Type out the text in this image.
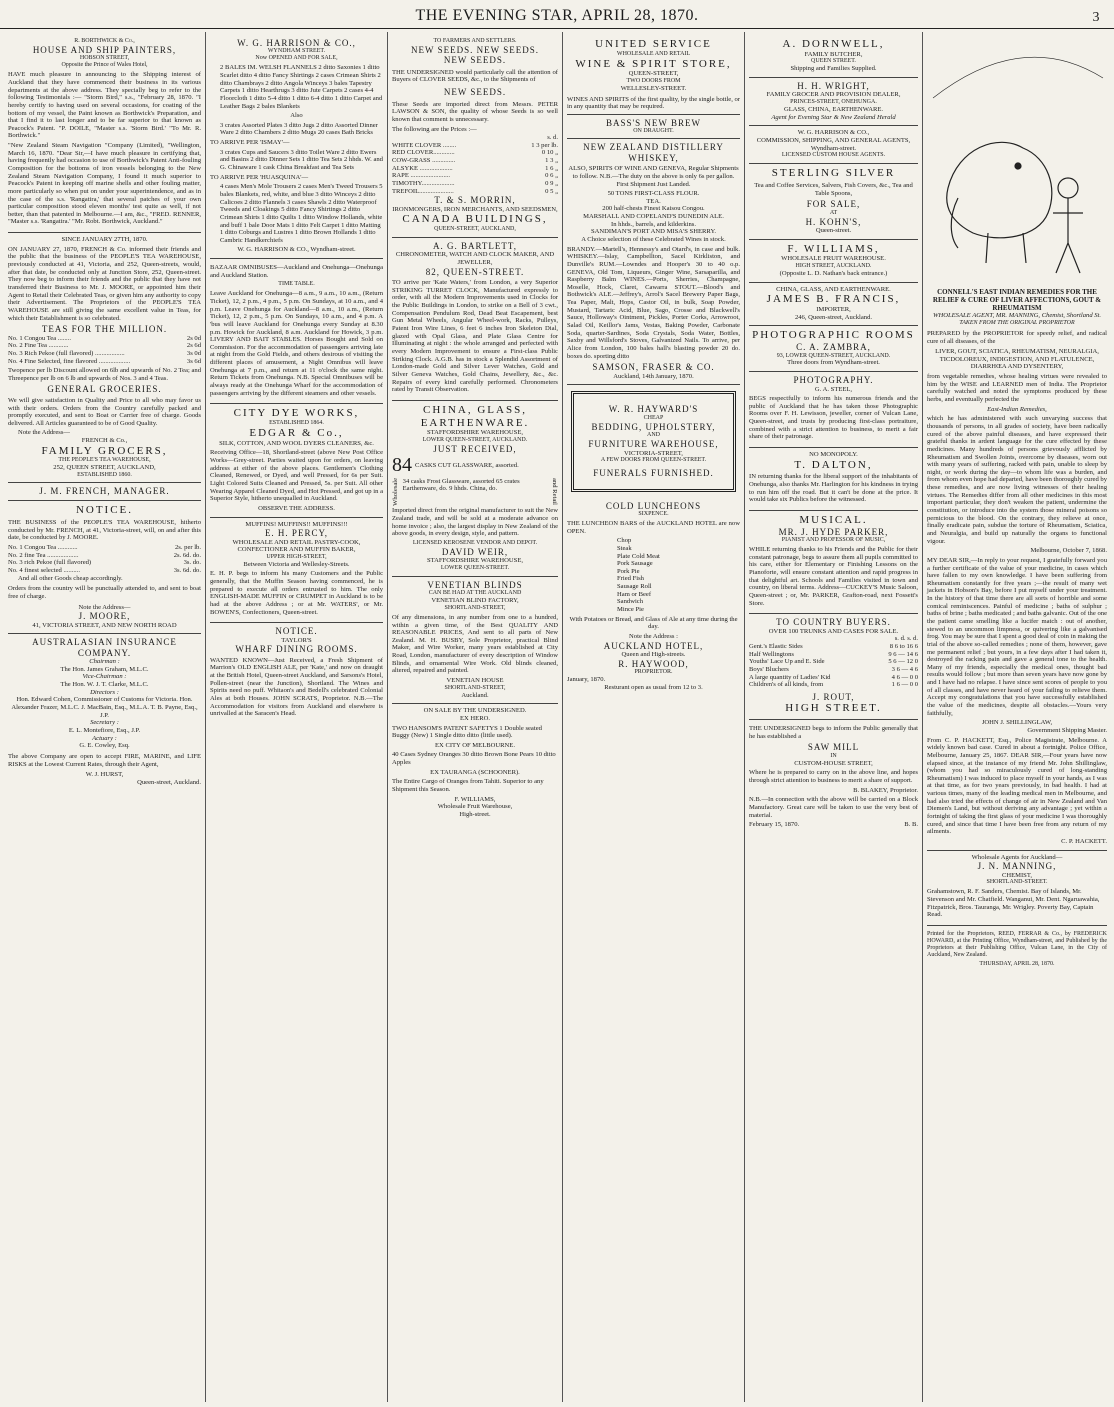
THE EVENING STAR, APRIL 28, 1870.	3
R. BORTHWICK & Co.,
HOUSE AND SHIP PAINTERS,
HOBSON STREET,
Opposite the Prince of Wales Hotel,

HAVE much pleasure in announcing to the Shipping interest of Auckland that they have commenced their business in its various departments at the above address. They specially beg to refer to the following Testimonials :— "Storm Bird," s.s., "February 28, 1870. "I hereby certify to having used on several occasions, for coating of the bottom of my vessel, the Paint known as Borthwick's Preparation, and that I find it to last longer and to be far superior to that known as Peacock's Patent. "P. DOILE, "Master s.s. 'Storm Bird.' "To Mr. R. Borthwick."

"New Zealand Steam Navigation "Company (Limited), "Wellington, March 16, 1870. "Dear Sir,—I have much pleasure in certifying that, having frequently had occasion to use of Borthwick's Patent Anti-fouling Composition for the bottoms of iron vessels belonging to the New Zealand Steam Navigation Company, I found it much superior to Peacock's Patent in keeping off marine shells and other fouling matter, more particularly so when put on under your superintendence, and as in the case of the s.s. 'Rangatira,' that several patches of your own particular composition stood eleven months' test quite as well, if not better, than that patented in Melbourne.—I am, &c., "FRED. RENNER, "Master s.s. 'Rangatira.' "Mr. Robt. Borthwick, Auckland."

SINCE JANUARY 27TH, 1870.

ON JANUARY 27, 1870, FRENCH & Co. informed their friends and the public that the business of the PEOPLE'S TEA WAREHOUSE, previously conducted at 41, Victoria, and 252, Queen-streets, would, after that date, be conducted only at Junction Store, 252, Queen-street. They now beg to inform their friends and the public that they have not transferred their Business to Mr. J. MOORE, or appointed him their Agent to Retail their Celebrated Teas, or given him any authority to copy their Advertisement. The Proprietors of the PEOPLE'S TEA WAREHOUSE are still giving the same excellent value in Teas, for which their Establishment is so celebrated.

TEAS FOR THE MILLION.
No. 1 Congou Tea ........	2s 0d
No. 2 Fine Tea ............	2s 6d
No. 3 Rich Pekoe (full flavored) ..................	3s 0d
No. 4 Fine Selected, fine flavored ...................	3s 6d

Twopence per lb Discount allowed on 6lb and upwards of No. 2 Tea; and Threepence per lb on 6 lb and upwards of Nos. 3 and 4 Teas.

GENERAL GROCERIES.

We will give satisfaction in Quality and Price to all who may favor us with their orders. Orders from the Country carefully packed and promptly executed, and sent to Boat or Carrier free of charge. Goods delivered. All Articles guaranteed to be of Good Quality.

Note the Address—
FRENCH & Co.,
FAMILY GROCERS,
THE PEOPLE'S TEA WAREHOUSE,
252, QUEEN STREET, AUCKLAND,
ESTABLISHED 1860.
J. M. FRENCH, MANAGER.
NOTICE.

THE BUSINESS of the PEOPLE'S TEA WAREHOUSE, hitherto conducted by Mr. FRENCH, at 41, Victoria-street, will, on and after this date, be conducted by J. MOORE.

No. 1 Congou Tea ............	2s. per lb.
No. 2 fine Tea ...................	2s. 6d. do.
No. 3 rich Pekoe (full flavored)	3s. do.
No. 4 finest selected ..........	3s. 6d. do.
And all other Goods cheap accordingly.

Orders from the country will be punctually attended to, and sent to boat free of charge.

Note the Address—
J. MOORE,
41, VICTORIA STREET, AND NEW NORTH ROAD
AUSTRALASIAN INSURANCE COMPANY.
Chairman :
The Hon. James Graham, M.L.C.
Vice-Chairman :
The Hon. W. J. T. Clarke, M.L.C.
Directors :
Hon. Edward Cohen, Commissioner of Customs for Victoria. Hon. Alexander Frazer, M.L.C. J. MacBain, Esq., M.L.A. T. B. Payne, Esq., J.P.
Secretary :
E. L. Montefiore, Esq., J.P.
Actuary :
G. E. Cowley, Esq.

The above Company are open to accept FIRE, MARINE, and LIFE RISKS at the Lowest Current Rates, through their Agent,

W. J. HURST,
Queen-street, Auckland.
W. G. HARRISON & CO.,
WYNDHAM STREET.
Now OPENED AND FOR SALE,

2 BALES IM. WELSH FLANNELS 2 ditto Saxonies 1 ditto Scarlet ditto 4 ditto Fancy Shirtings 2 cases Crimean Shirts 2 ditto Chambrays 2 ditto Angola Winceys 3 bales Tapestry Carpets 1 ditto Hearthrugs 3 ditto Jute Carpets 2 cases 4-4 Floorcloth 1 ditto 5-4 ditto 1 ditto 6-4 ditto 1 ditto Carpet and Leather Bags 2 bales Blankets

Also

3 crates Assorted Plates 3 ditto Jugs 2 ditto Assorted Dinner Ware 2 ditto Chambers 2 ditto Mugs 20 cases Bath Bricks

TO ARRIVE PER 'ISMAY'—

3 crates Cups and Saucers 3 ditto Toilet Ware 2 ditto Ewers and Basins 2 ditto Dinner Sets 1 ditto Tea Sets 2 hhds. W. and G. Chinaware 1 cask China Breakfast and Tea Sets

TO ARRIVE PER 'HUASQUINA'—

4 cases Men's Mole Trousers 2 cases Men's Tweed Trousers 5 bales Blankets, red, white, and blue 3 ditto Winceys 2 ditto Calicoes 2 ditto Flannels 3 cases Shawls 2 ditto Waterproof Tweeds and Cloakings 5 ditto Fancy Shirtings 2 ditto Crimean Shirts 1 ditto Quilts 1 ditto Window Hollands, white and buff 1 bale Door Mats 1 ditto Felt Carpet 1 ditto Matting 1 ditto Coburgs and Lustres 1 ditto Brown Hollands 1 ditto Cambric Handkerchiefs

W. G. HARRISON & CO., Wyndham-street.

BAZAAR OMNIBUSES—Auckland and Onehunga—Onehunga and Auckland Station.

TIME TABLE.

Leave Auckland for Onehunga—8 a.m., 9 a.m., 10 a.m., (Return Ticket), 12, 2 p.m., 4 p.m., 5 p.m. On Sundays, at 10 a.m., and 4 p.m. Leave Onehunga for Auckland—8 a.m., 10 a.m., (Return Ticket), 12, 2 p.m., 5 p.m. On Sundays, 10 a.m., and 4 p.m. A 'bus will leave Auckland for Onehunga every Sunday at 8.30 p.m. Howick for Auckland, 8 a.m. Auckland for Howick, 3 p.m. LIVERY AND BAIT STABLES. Horses Bought and Sold on Commission. For the accommodation of passengers arriving late at night from the Gold Fields, and others desirous of visiting the different places of amusement, a Night Omnibus will leave Onehunga at 7 p.m., and return at 11 o'clock the same night. Return Tickets from Onehunga. N.B. Special Omnibuses will be always ready at the Onehunga Wharf for the accommodation of passengers arriving by the different steamers and other vessels.

CITY DYE WORKS,
ESTABLISHED 1864.
EDGAR & Co.,
SILK, COTTON, AND WOOL DYERS CLEANERS, &c.

Receiving Office—18, Shortland-street (above New Post Office Works—Grey-street. Parties waited upon for orders, on leaving address at either of the above places. Gentlemen's Clothing Cleaned, Renewed, or Dyed, and well Pressed, for 6s per Suit. Light Colored Suits Cleaned and Pressed, 5s. per Suit. All other Wearing Apparel Cleaned Dyed, and Hot Pressed, and got up in a Superior Style, hitherto unequalled in Auckland.

OBSERVE THE ADDRESS.
MUFFINS! MUFFINS!! MUFFINS!!!
E. H. PERCY,
WHOLESALE AND RETAIL PASTRY-COOK,
CONFECTIONER AND MUFFIN BAKER,
UPPER HIGH-STREET,
Between Victoria and Wellesley-Streets.

E. H. P. begs to inform his many Customers and the Public generally, that the Muffin Season having commenced, he is prepared to execute all orders entrusted to him. The only ENGLISH-MADE MUFFIN or CRUMPET in Auckland is to be had at the above Address ; or at Mr. WATERS', or Mr. BOWEN'S, Confectioners, Queen-street.

NOTICE.
TAYLOR'S
WHARF DINING ROOMS.

WANTED KNOWN—Just Received, a Fresh Shipment of Marrion's OLD ENGLISH ALE, per 'Kate,' and now on draught at the British Hotel, Queen-street Auckland, and Sarsons's Hotel, Pollen-street (near the Junction), Shortland. The Wines and Spirits need no puff. Whitaon's and Bedell's celebrated Colonial Ales at both Houses. JOHN SCRATS, Proprietor. N.B.—The Accommodation for visitors from Auckland and elsewhere is unrivalled at the Saracen's Head.

TO FARMERS AND SETTLERS.
NEW SEEDS. NEW SEEDS.
NEW SEEDS.

THE UNDERSIGNED would particularly call the attention of Buyers of CLOVER SEEDS, &c., to the Shipments of

NEW SEEDS.

These Seeds are imported direct from Messrs. PETER LAWSON & SON, the quality of whose Seeds is so well known that comment is unnecessary.

The following are the Prices :—
s. d.
WHITE CLOVER ........	1 3 per lb.
RED CLOVER.............	0 10 „
COW-GRASS ..............	1 3 „
ALSYKE ....................	1 6 „
RAPE ........................	0 6 „
TIMOTHY....................	0 9 „
TREFOIL.....................	0 5 „
T. & S. MORRIN,
IRONMONGERS, IRON MERCHANTS, AND SEEDSMEN,
CANADA BUILDINGS,
QUEEN-STREET, AUCKLAND,
A. G. BARTLETT,
CHRONOMETER, WATCH AND CLOCK MAKER, AND JEWELLER,
82, QUEEN-STREET.

TO arrive per 'Kate Waters,' from London, a very Superior STRIKING TURRET CLOCK, Manufactured expressly to order, with all the Modern Improvements used in Clocks for the Public Buildings in London, to strike on a Bell of 3 cwt., Compensation Pendulum Rod, Dead Beat Escapement, best Gun Metal Wheels, Angular Wheel-work, Racks, Pulleys, Patent Iron Wire Lines, 6 feet 6 inches Iron Skeleton Dial, glazed with Opal Glass, and Plate Glass Centre for Illuminating at night : the whole arranged and perfected with every Modern Improvement to ensure a First-class Public Striking Clock. A.G.B. has in stock a Splendid Assortment of London-made Gold and Silver Lever Watches, Gold and Silver Geneva Watches, Gold Chains, Jewellery, &c., &c. Repairs of every kind carefully performed. Chronometers rated by Transit Observation.

CHINA, GLASS, EARTHENWARE.
STAFFORDSHIRE WAREHOUSE,
LOWER QUEEN-STREET, AUCKLAND.
JUST RECEIVED,
84 CASKS CUT GLASSWARE, assorted.
Wholesale 34 casks Frost Glassware, assorted 65 crates Earthenware, do. 9 hhds. China, do.	and Retail

Imported direct from the original manufacturer to suit the New Zealand trade, and will be sold at a moderate advance on home invoice ; also, the largest display in New Zealand of the above goods, in every design, style, and pattern.

LICENSED KEROSENE VENDOR AND DEPOT.
DAVID WEIR,
STAFFORDSHIRE WAREHOUSE,
LOWER QUEEN-STREET.
VENETIAN BLINDS
CAN BE HAD AT THE AUCKLAND
VENETIAN BLIND FACTORY,
SHORTLAND-STREET,

Of any dimensions, in any number from one to a hundred, within a given time, of the Best QUALITY AND REASONABLE PRICES, And sent to all parts of New Zealand. M. H. BUSBY, Sole Proprietor, practical Blind Maker, and Wire Worker, many years established at City Road, London, manufacturer of every description of Window Blinds, and ornamental Wire Work. Old blinds cleaned, altered, repaired and painted.

VENETIAN HOUSE
SHORTLAND-STREET,
Auckland.
ON SALE BY THE UNDERSIGNED.
EX HERO.

TWO HANSOM'S PATENT SAFETYS 1 Double seated Buggy (New) 1 Single ditto ditto (little used).

EX CITY OF MELBOURNE.

40 Cases Sydney Oranges 30 ditto Brown Bone Pears 10 ditto Apples

EX TAURANGA (SCHOONER).

The Entire Cargo of Oranges from Tahiti. Superior to any Shipment this Season.

F. WILLIAMS,
Wholesale Fruit Warehouse,
High-street.
UNITED SERVICE
WHOLESALE AND RETAIL
WINE & SPIRIT STORE,
QUEEN-STREET,
TWO DOORS FROM
WELLESLEY-STREET.

WINES AND SPIRITS of the first quality, by the single bottle, or in any quantity that may be required.

BASS'S NEW BREW
ON DRAUGHT.
NEW ZEALAND DISTILLERY WHISKEY,

ALSO, SPIRITS OF WINE AND GENEVA, Regular Shipments to follow. N.B.—The duty on the above is only 6s per gallon. First Shipment Just Landed.

50 TONS FIRST-CLASS FLOUR.
TEA.
200 half-chests Finest Kaisou Congou.
MARSHALL AND COPELAND'S DUNEDIN ALE.
In hhds., barrels, and kilderkins.
SANDIMAN'S PORT AND MISA'S SHERRY.
A Choice selection of these Celebrated Wines in stock.

BRANDY.—Martell's, Hennessy's and Otard's, in case and bulk. WHISKEY.—Islay, Campbellton, Sacel Kirkliston, and Dunville's RUM.—Lowndes and Hooper's 30 to 40 o.p. GENEVA, Old Tom, Liqueurs, Ginger Wine, Sarsaparilla, and Raspberry Balm WINES.—Ports, Sherries, Champagne, Moselle, Hock, Claret, Cawarra STOUT.—Blood's and Bothwick's ALE.—Jeffrey's, Arrol's Sacel Brewery Paper Bags, Tea Paper, Malt, Hops, Castor Oil, in bulk, Soap Powder, Mustard, Tartaric Acid, Blue, Sago, Crosse and Blackwell's Sauce, Holloway's Ointment, Pickles, Porter Corks, Arrowroot, Salad Oil, Keillor's Jams, Vestas, Baking Powder, Carbonate Soda, quarter-Sardines, Soda Crystals, Soda Water, Bottles, Saxby and Willsford's Stoves, Galvanized Nails. To arrive, per Alice from London, 100 bales hall's blasting powder 20 do. boxes do. sporting ditto

SAMSON, FRASER & CO.
Auckland, 14th January, 1870.
W. R. HAYWARD'S
CHEAP
BEDDING, UPHOLSTERY,
AND
FURNITURE WAREHOUSE,
VICTORIA-STREET,
A FEW DOORS FROM QUEEN-STREET.
FUNERALS FURNISHED.
COLD LUNCHEONS
SIXPENCE.

THE LUNCHEON BARS of the AUCKLAND HOTEL are now OPEN.

Chop
Steak
Plate Cold Meat
Pork Sausage
Pork Pie
Fried Fish
Sausage Roll
Ham or Beef
Sandwich
Mince Pie

With Potatoes or Bread, and Glass of Ale at any time during the day.

Note the Address :
AUCKLAND HOTEL,
Queen and High-streets.
R. HAYWOOD,
PROPRIETOR.
January, 1870.
Resturant open as usual from 12 to 3.
A. DORNWELL,
FAMILY BUTCHER,
QUEEN STREET.
Shipping and Families Supplied.
H. H. WRIGHT,
FAMILY GROCER AND PROVISION DEALER,
PRINCES-STREET, ONEHUNGA.
GLASS, CHINA, EARTHENWARE.
Agent for Evening Star & New Zealand Herald
W. G. HARRISON & CO.,
COMMISSION, SHIPPING, AND GENERAL AGENTS,
Wyndham-street.
LICENSED CUSTOM HOUSE AGENTS.
STERLING SILVER

Tea and Coffee Services, Salvers, Fish Covers, &c., Tea and Table Spoons,

FOR SALE,
AT
H. KOHN'S,
Queen-street.
F. WILLIAMS,
WHOLESALE FRUIT WAREHOUSE.
HIGH STREET, AUCKLAND.
(Opposite L. D. Nathan's back entrance.)
CHINA, GLASS, AND EARTHENWARE.
JAMES B. FRANCIS,
IMPORTER,
246, Queen-street, Auckland.
PHOTOGRAPHIC ROOMS
C. A. ZAMBRA,
93, LOWER QUEEN-STREET, AUCKLAND.
Three doors from Wyndham-street.
PHOTOGRAPHY.
G. A. STEEL,

BEGS respectfully to inform his numerous friends and the public of Auckland that he has taken those Photographic Rooms over F. H. Lewisson, jeweller, corner of Vulcan Lane, Queen-street, and trusts by producing first-class portraiture, combined with a strict attention to business, to merit a fair share of their patronage.

NO MONOPOLY.
T. DALTON,

IN returning thanks for the liberal support of the inhabitants of Onehunga, also thanks Mr. Harlington for his kindness in trying to run him off the road. But it can't be done at the price. It would take six Publics before the witnessed.

MUSICAL.
MR. J. HYDE PARKER,
PIANIST AND PROFESSOR OF MUSIC,

WHILE returning thanks to his Friends and the Public for their constant patronage, begs to assure them all pupils committed to his care, either for Elementary or Finishing Lessons on the Pianoforte, will ensure constant attention and rapid progress in that delightful art. Schools and Families visited in town and country, on liberal terms. Address—CUCKEY'S Music Saloon, Queen-street ; or, Mr. PARKER, Grafton-road, next Fossett's Store.

TO COUNTRY BUYERS.
OVER 100 TRUNKS AND CASES FOR SALE.
s. d. s. d.
Gent.'s Elastic Sides	8 6 to 16 6
Half Wellingtons	9 6 — 14 6
Youths' Lace Up and E. Side	5 6 — 12 0
Boys' Bluchers	3 6 — 4 6
A large quantity of Ladies' Kid	4 6 — 0 0
Children's of all kinds, from	1 6 — 0 0
J. ROUT,
HIGH STREET.

THE UNDERSIGNED begs to inform the Public generally that he has established a

SAW MILL
IN
CUSTOM-HOUSE STREET,

Where he is prepared to carry on in the above line, and hopes through strict attention to business to merit a share of support.

B. BLAKEY, Proprietor.

N.B.—In connection with the above will be carried on a Block Manufactory. Great care will be taken to use the very best of material.

February 15, 1870.	B. B.
CONNELL'S EAST INDIAN REMEDIES FOR THE RELIEF & CURE OF LIVER AFFECTIONS, GOUT & RHEUMATISM
WHOLESALE AGENT, MR. MANNING, Chemist, Shortland St.
TAKEN FROM THE ORIGINAL PROPRIETOR

PREPARED by the PROPRIETOR for speedy relief, and radical cure of all diseases, of the

LIVER, GOUT, SCIATICA, RHEUMATISM, NEURALGIA, TICDOLOREUX, INDIGESTION, AND FLATULENCE, DIARRHŒA AND DYSENTERY,

from vegetable remedies, whose healing virtues were revealed to him by the WISE and LEARNED men of India. The Proprietor carefully watched and noted the symptoms produced by these herbs, and eventually perfected the

East-Indian Remedies,

which he has administered with such unvarying success that thousands of persons, in all grades of society, have been radically cured of the above painful diseases, and have expressed their grateful thanks in ardent language for the cure effected by these medicines. Many hundreds of persons grievously afflicted by Rheumatism and Swollen Joints, overcome by diseases, worn out with many years of suffering, racked with pain, unable to sleep by night, or work during the day—to whom life was a burden, and from whom even hope had departed, have been thoroughly cured by these remedies, and are now living witnesses of their healing virtues. The Remedies differ from all other medicines in this most important particular, they don't weaken the patient, undermine the constitution, or introduce into the system those mineral poisons so pernicious to the blood. On the contrary, they relieve at once, finally eradicate pain, subdue the torture of Rheumatism, Sciatica, and Neuralgia, and build up naturally the organs to functional vigour.

Melbourne, October 7, 1868.

MY DEAR SIR,—In reply to your request, I gratefully forward you a further certificate of the value of your medicine, in cases which have fallen to my own knowledge. I have been suffering from Rheumatism constantly for five years ;—the result of many wet jackets in Hobson's Bay, before I put myself under your treatment. In the history of that time there are all sorts of horrible and some comical reminiscences. Painful of medicine ; baths of sulphur ; baths of brine ; baths medicated ; and baths galvanic. Out of the one the patient came smelling like a lucifer match : out of another, stewed to an uncommon limpness, or quivering like a galvanised frog. You may be sure that I spent a good deal of coin in making the trial of the above so-called remedies ; none of them, however, gave me permanent relief ; but yours, in a few days after I had taken it, destroyed the racking pain and gave a general tone to the health. Many of my friends, especially the medical ones, thought bad results would follow ; but more than seven years have now gone by and I have had no relapse. I have since sent scores of people to you of all classes, and have never heard of your failing to relieve them. Accept my congratulations that you have successfully established the value of the medicines, despite all obstacles.—Yours very faithfully,

JOHN J. SHILLINGLAW,
Government Shipping Master.

From C. P. HACKETT, Esq., Police Magistrate, Melbourne. A widely known bad case. Cured in about a fortnight. Police Office, Melbourne, January 25, 1867. DEAR SIR,—Four years have now elapsed since, at the instance of my friend Mr. John Shillinglaw, (whom you had so miraculously cured of long-standing Rheumatism) I was induced to place myself in your hands, as I was at that time, as for two years previously, in bad health. I had at various times, many of the leading medical men in Melbourne, and had also tried the effects of change of air in New Zealand and Van Diemen's Land, but without deriving any advantage ; yet within a fortnight of taking the first glass of your medicine I was thoroughly cured, and since that time I have been free from any return of my ailments.

C. P. HACKETT.
Wholesale Agents for Auckland—
J. N. MANNING,
CHEMIST,
SHORTLAND-STREET.

Grahamstown, R. F. Sanders, Chemist. Bay of Islands, Mr. Stevenson and Mr. Chatfield. Wanganui, Mr. Dent. Ngaruawahia, Fitzpatrick, Bros. Tauranga, Mr. Wrigley. Poverty Bay, Captain Read.

Printed for the Proprietors, REED, FERRAR & Co., by FREDERICK HOWARD, at the Printing Office, Wyndham-street, and Published by the Proprietors at their Publishing Office, Vulcan Lane, in the City of Auckland, New Zealand.

THURSDAY, APRIL 28, 1870.
